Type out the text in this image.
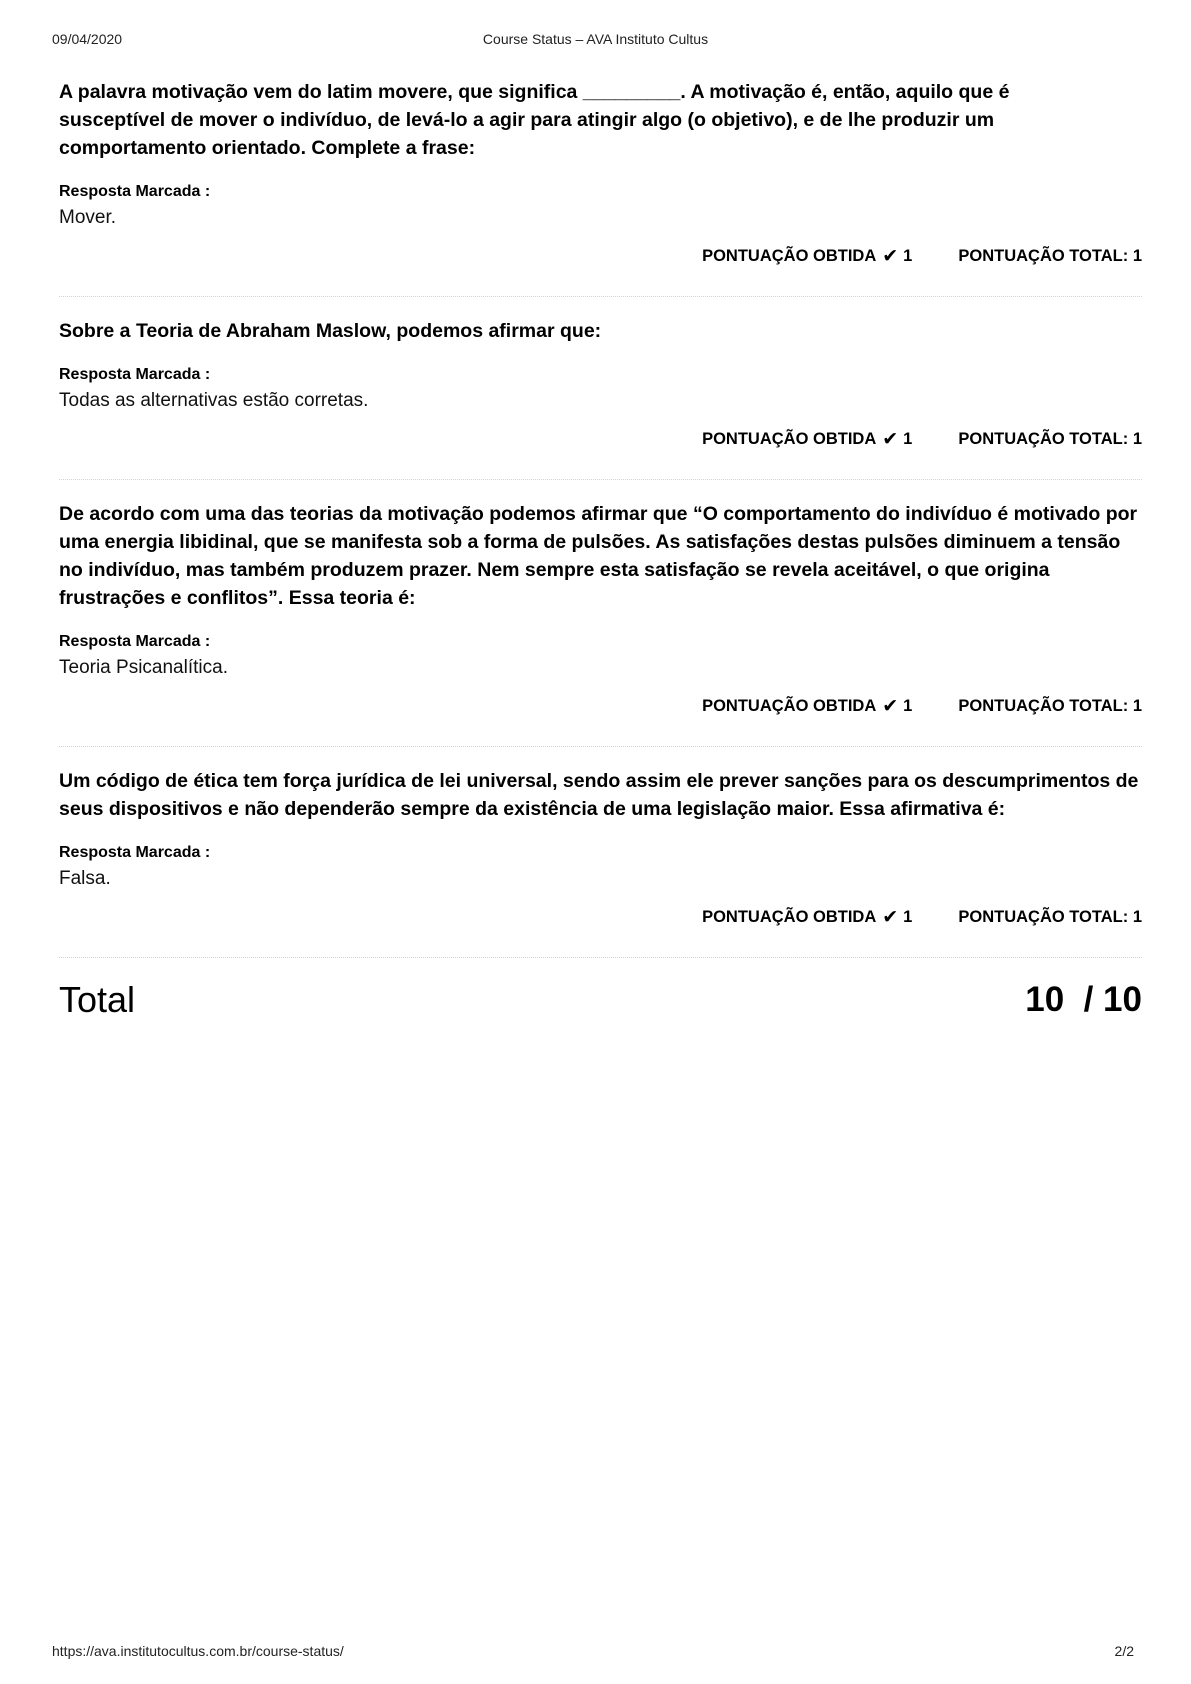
09/04/2020	Course Status – AVA Instituto Cultus
A palavra motivação vem do latim movere, que significa _________. A motivação é, então, aquilo que é susceptível de mover o indivíduo, de levá-lo a agir para atingir algo (o objetivo), e de lhe produzir um comportamento orientado. Complete a frase:
Resposta Marcada :
Mover.
PONTUAÇÃO OBTIDA ✔ 1	PONTUAÇÃO TOTAL: 1
Sobre a Teoria de Abraham Maslow, podemos afirmar que:
Resposta Marcada :
Todas as alternativas estão corretas.
PONTUAÇÃO OBTIDA ✔ 1	PONTUAÇÃO TOTAL: 1
De acordo com uma das teorias da motivação podemos afirmar que “O comportamento do indivíduo é motivado por uma energia libidinal, que se manifesta sob a forma de pulsões. As satisfações destas pulsões diminuem a tensão no indivíduo, mas também produzem prazer. Nem sempre esta satisfação se revela aceitável, o que origina frustrações e conflitos”. Essa teoria é:
Resposta Marcada :
Teoria Psicanalítica.
PONTUAÇÃO OBTIDA ✔ 1	PONTUAÇÃO TOTAL: 1
Um código de ética tem força jurídica de lei universal, sendo assim ele prever sanções para os descumprimentos de seus dispositivos e não dependerão sempre da existência de uma legislação maior. Essa afirmativa é:
Resposta Marcada :
Falsa.
PONTUAÇÃO OBTIDA ✔ 1	PONTUAÇÃO TOTAL: 1
Total	10  / 10
https://ava.institutocultus.com.br/course-status/	2/2
